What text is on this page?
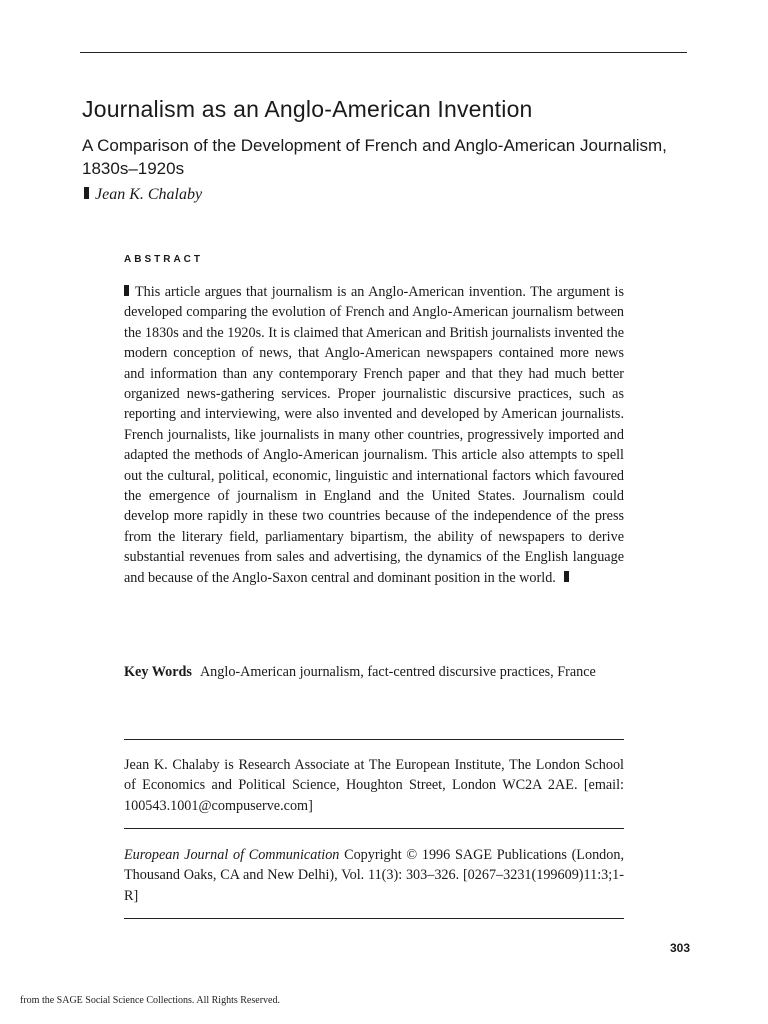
Journalism as an Anglo-American Invention
A Comparison of the Development of French and Anglo-American Journalism, 1830s–1920s
Jean K. Chalaby
ABSTRACT

This article argues that journalism is an Anglo-American invention. The argument is developed comparing the evolution of French and Anglo-American journalism between the 1830s and the 1920s. It is claimed that American and British journalists invented the modern conception of news, that Anglo-American newspapers contained more news and information than any contemporary French paper and that they had much better organized news-gathering services. Proper journalistic discursive practices, such as reporting and interviewing, were also invented and developed by American journalists. French journalists, like journalists in many other countries, progressively imported and adapted the methods of Anglo-American journalism. This article also attempts to spell out the cultural, political, economic, linguistic and international factors which favoured the emergence of journalism in England and the United States. Journalism could develop more rapidly in these two countries because of the independence of the press from the literary field, parliamentary bipartism, the ability of newspapers to derive substantial revenues from sales and advertising, the dynamics of the English language and because of the Anglo-Saxon central and dominant position in the world.

Key Words Anglo-American journalism, fact-centred discursive practices, France

Jean K. Chalaby is Research Associate at The European Institute, The London School of Economics and Political Science, Houghton Street, London WC2A 2AE. [email: 100543.1001@compuserve.com]

European Journal of Communication Copyright © 1996 SAGE Publications (London, Thousand Oaks, CA and New Delhi), Vol. 11(3): 303–326. [0267–3231(199609)11:3;1-R]

303
from the SAGE Social Science Collections. All Rights Reserved.
